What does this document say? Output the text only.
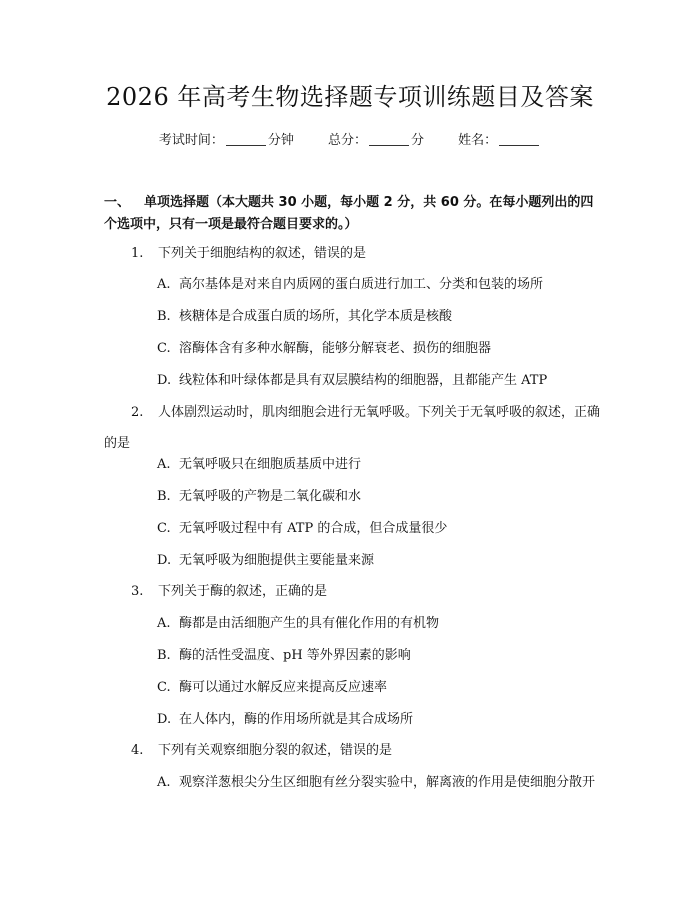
2026 年高考生物选择题专项训练题目及答案
考试时间：	分钟	总分：	分	姓名：
一、 单项选择题（本大题共 30 小题，每小题 2 分，共 60 分。在每小题列出的四个选项中，只有一项是最符合题目要求的。）
1. 下列关于细胞结构的叙述，错误的是
A. 高尔基体是对来自内质网的蛋白质进行加工、分类和包装的场所
B. 核糖体是合成蛋白质的场所，其化学本质是核酸
C. 溶酶体含有多种水解酶，能够分解衰老、损伤的细胞器
D. 线粒体和叶绿体都是具有双层膜结构的细胞器，且都能产生 ATP
2. 人体剧烈运动时，肌肉细胞会进行无氧呼吸。下列关于无氧呼吸的叙述，正确的是
A. 无氧呼吸只在细胞质基质中进行
B. 无氧呼吸的产物是二氧化碳和水
C. 无氧呼吸过程中有 ATP 的合成，但合成量很少
D. 无氧呼吸为细胞提供主要能量来源
3. 下列关于酶的叙述，正确的是
A. 酶都是由活细胞产生的具有催化作用的有机物
B. 酶的活性受温度、pH 等外界因素的影响
C. 酶可以通过水解反应来提高反应速率
D. 在人体内，酶的作用场所就是其合成场所
4. 下列有关观察细胞分裂的叙述，错误的是
A. 观察洋葱根尖分生区细胞有丝分裂实验中，解离液的作用是使细胞分散开
